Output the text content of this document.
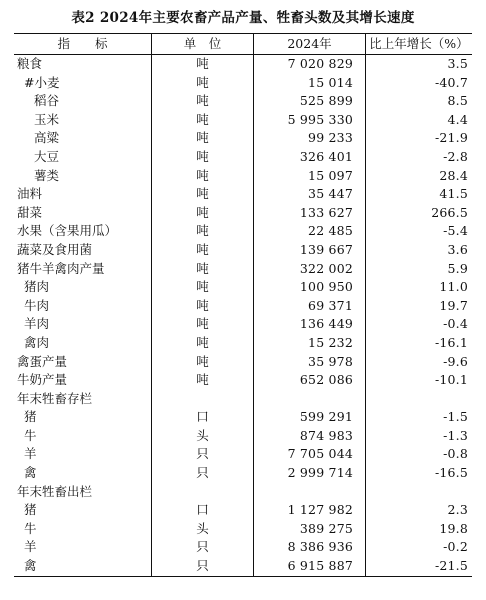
表2 2024年主要农畜产品产量、牲畜头数及其增长速度
指　　标	单　位	2024年	比上年增长（%）
粮食	吨	7 020 829	3.5
#小麦	吨	15 014	-40.7
稻谷	吨	525 899	8.5
玉米	吨	5 995 330	4.4
高粱	吨	99 233	-21.9
大豆	吨	326 401	-2.8
薯类	吨	15 097	28.4
油料	吨	35 447	41.5
甜菜	吨	133 627	266.5
水果（含果用瓜）	吨	22 485	-5.4
蔬菜及食用菌	吨	139 667	3.6
猪牛羊禽肉产量	吨	322 002	5.9
猪肉	吨	100 950	11.0
牛肉	吨	69 371	19.7
羊肉	吨	136 449	-0.4
禽肉	吨	15 232	-16.1
禽蛋产量	吨	35 978	-9.6
牛奶产量	吨	652 086	-10.1
年末牲畜存栏
猪	口	599 291	-1.5
牛	头	874 983	-1.3
羊	只	7 705 044	-0.8
禽	只	2 999 714	-16.5
年末牲畜出栏
猪	口	1 127 982	2.3
牛	头	389 275	19.8
羊	只	8 386 936	-0.2
禽	只	6 915 887	-21.5
